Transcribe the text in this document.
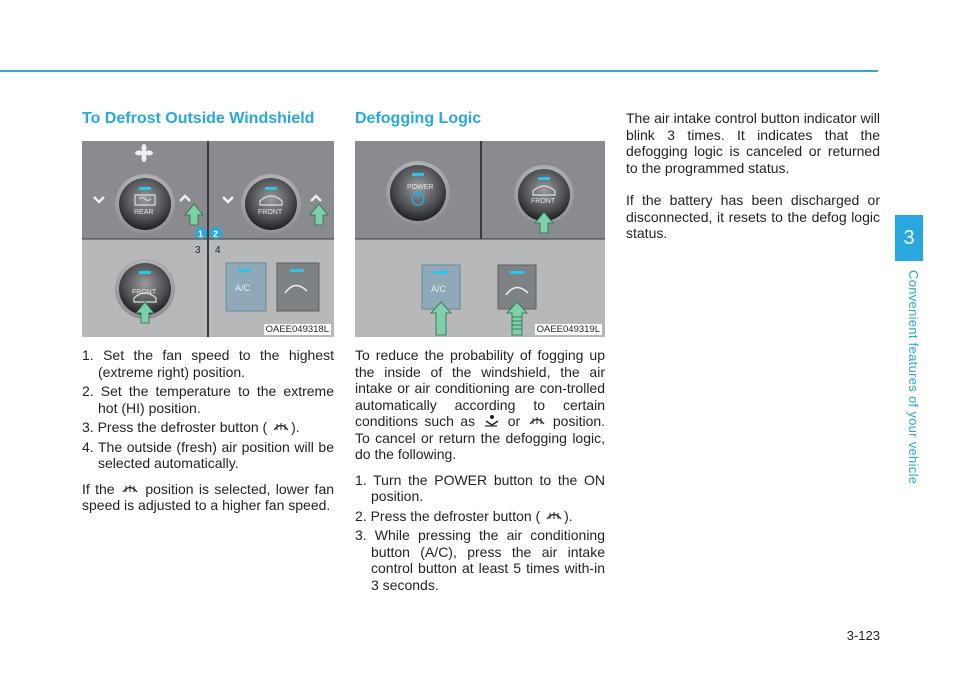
3
Convenient features of your vehicle
To Defrost Outside Windshield
REAR	FRONT
1 2
3 4
FRONT	A/C
OAEE049318L
1. Set the fan speed to the highest (extreme right) position.
2. Set the temperature to the extreme hot (HI) position.
3. Press the defroster button ( ).
4. The outside (fresh) air position will be selected automatically.

If the position is selected, lower fan speed is adjusted to a higher fan speed.

Defogging Logic
POWER
FRONT
A/C
OAEE049319L

To reduce the probability of fogging up the inside of the windshield, the air intake or air conditioning are con-trolled automatically according to certain conditions such as or position. To cancel or return the defogging logic, do the following.

1. Turn the POWER button to the ON position.
2. Press the defroster button ( ).
3. While pressing the air conditioning button (A/C), press the air intake control button at least 5 times with-in 3 seconds.

The air intake control button indicator will blink 3 times. It indicates that the defogging logic is canceled or returned to the programmed status.

If the battery has been discharged or disconnected, it resets to the defog logic status.

3-123
